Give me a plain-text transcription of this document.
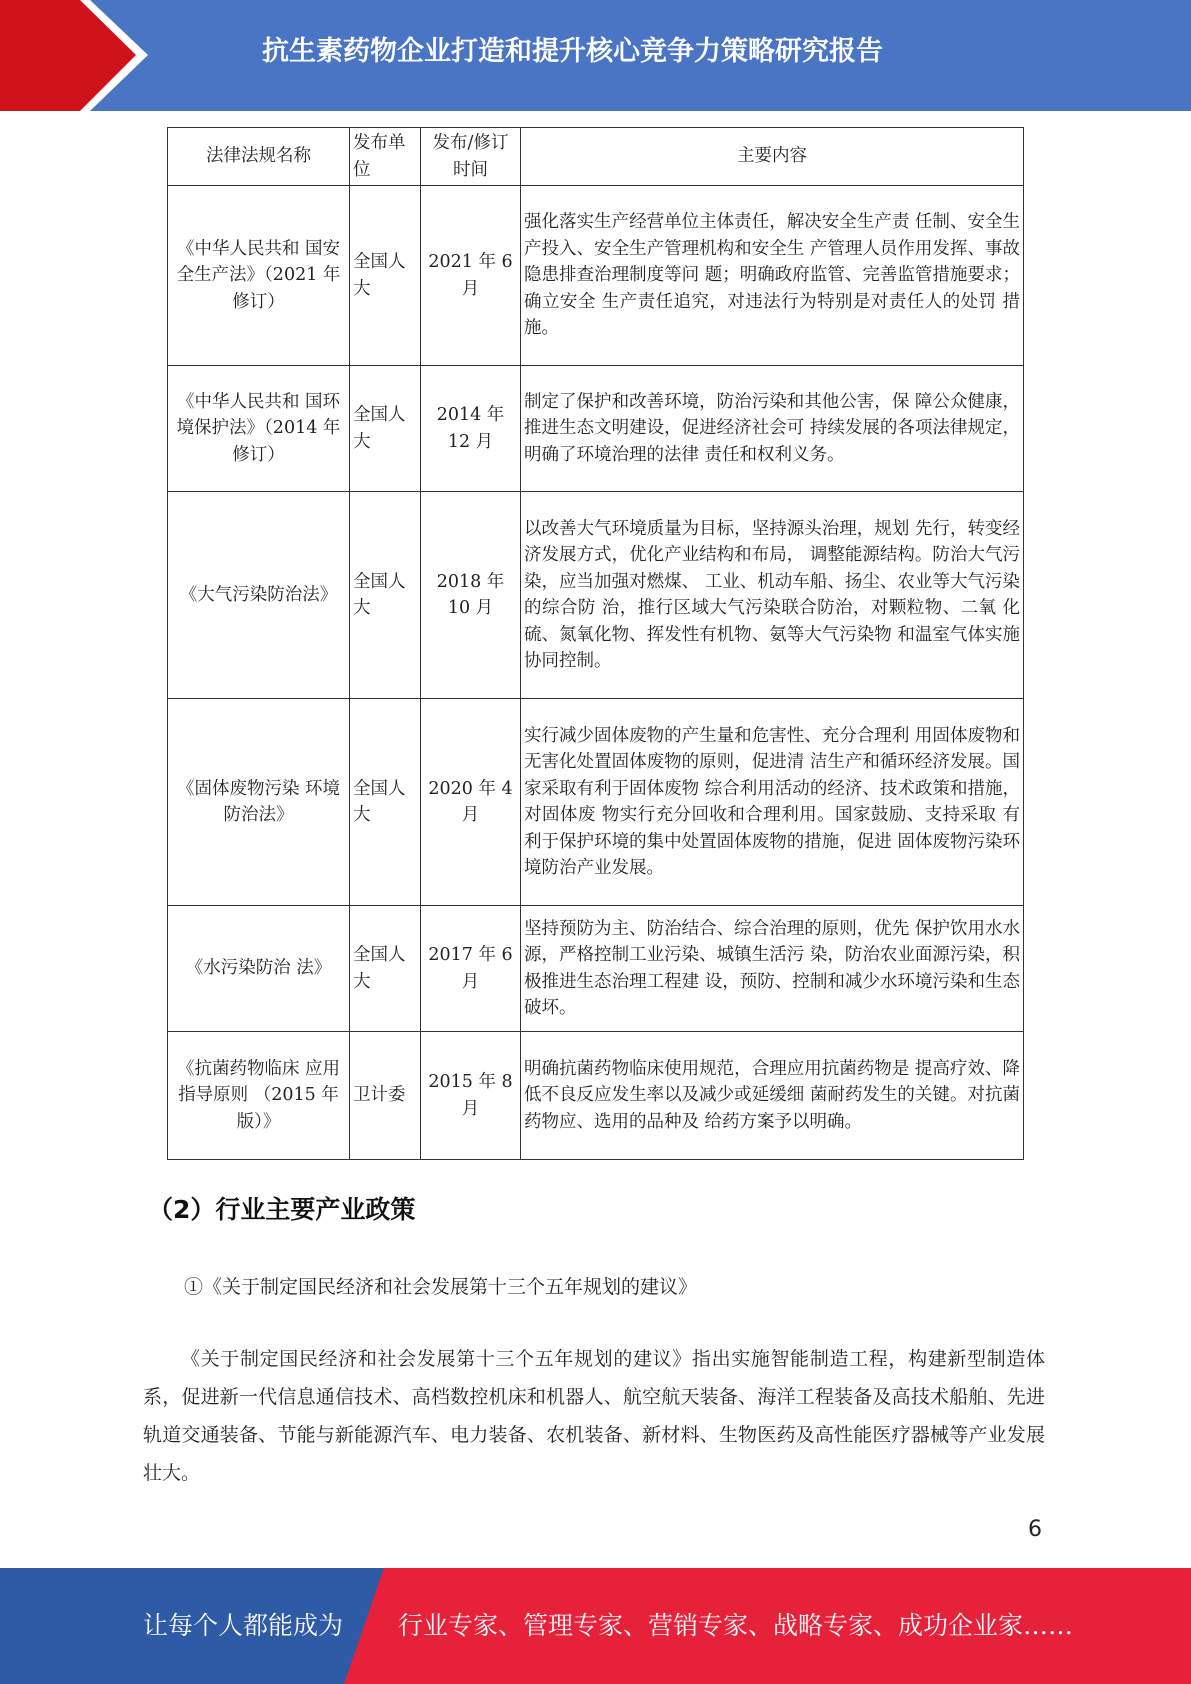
抗生素药物企业打造和提升核心竞争力策略研究报告
法律法规名称	发布单位	发布/修订时间	主要内容
《中华人民共和 国安全生产法》（2021 年修订）	全国人大	2021 年 6 月	强化落实生产经营单位主体责任，解决安全生产责 任制、安全生产投入、安全生产管理机构和安全生 产管理人员作用发挥、事故隐患排查治理制度等问 题；明确政府监管、完善监管措施要求；确立安全 生产责任追究，对违法行为特别是对责任人的处罚 措施。
《中华人民共和 国环境保护法》（2014 年修订）	全国人大	2014 年 12 月	制定了保护和改善环境，防治污染和其他公害，保 障公众健康，推进生态文明建设，促进经济社会可 持续发展的各项法律规定，明确了环境治理的法律 责任和权利义务。
《大气污染防治法》	全国人大	2018 年 10 月	以改善大气环境质量为目标，坚持源头治理，规划 先行，转变经济发展方式，优化产业结构和布局， 调整能源结构。防治大气污染，应当加强对燃煤、 工业、机动车船、扬尘、农业等大气污染的综合防 治，推行区域大气污染联合防治，对颗粒物、二氧 化硫、氮氧化物、挥发性有机物、氨等大气污染物 和温室气体实施协同控制。
《固体废物污染 环境防治法》	全国人大	2020 年 4 月	实行减少固体废物的产生量和危害性、充分合理利 用固体废物和无害化处置固体废物的原则，促进清 洁生产和循环经济发展。国家采取有利于固体废物 综合利用活动的经济、技术政策和措施，对固体废 物实行充分回收和合理利用。国家鼓励、支持采取 有利于保护环境的集中处置固体废物的措施，促进 固体废物污染环境防治产业发展。
《水污染防治 法》	全国人大	2017 年 6 月	坚持预防为主、防治结合、综合治理的原则，优先 保护饮用水水源，严格控制工业污染、城镇生活污 染，防治农业面源污染，积极推进生态治理工程建 设，预防、控制和减少水环境污染和生态破坏。
《抗菌药物临床 应用指导原则 （2015 年版）》	卫计委	2015 年 8 月	明确抗菌药物临床使用规范，合理应用抗菌药物是 提高疗效、降低不良反应发生率以及减少或延缓细 菌耐药发生的关键。对抗菌药物应、选用的品种及 给药方案予以明确。
（2）行业主要产业政策
①《关于制定国民经济和社会发展第十三个五年规划的建议》
《关于制定国民经济和社会发展第十三个五年规划的建议》指出实施智能制造工程，构建新型制造体系，促进新一代信息通信技术、高档数控机床和机器人、航空航天装备、海洋工程装备及高技术船舶、先进轨道交通装备、节能与新能源汽车、电力装备、农机装备、新材料、生物医药及高性能医疗器械等产业发展壮大。
6
让每个人都能成为 行业专家、管理专家、营销专家、战略专家、成功企业家……
